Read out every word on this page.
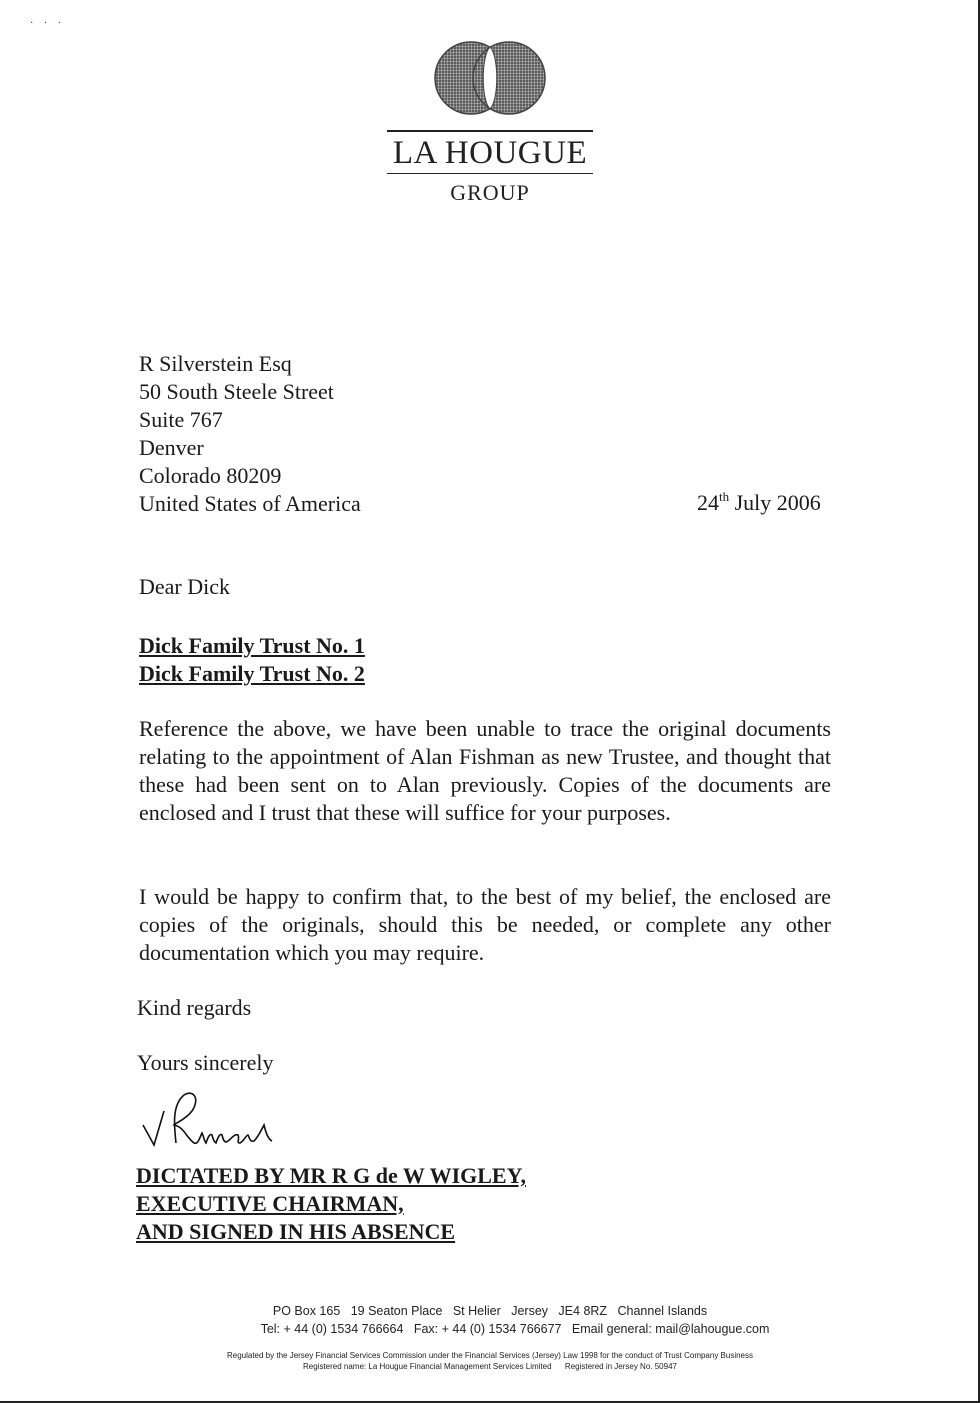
· · ·
LA HOUGUE
GROUP
R Silverstein Esq
50 South Steele Street
Suite 767
Denver
Colorado 80209
United States of America	24th July 2006
Dear Dick
Dick Family Trust No. 1
Dick Family Trust No. 2
Reference the above, we have been unable to trace the original documents relating to the appointment of Alan Fishman as new Trustee, and thought that these had been sent on to Alan previously. Copies of the documents are enclosed and I trust that these will suffice for your purposes.
I would be happy to confirm that, to the best of my belief, the enclosed are copies of the originals, should this be needed, or complete any other documentation which you may require.
Kind regards
Yours sincerely
DICTATED BY MR R G de W WIGLEY,
EXECUTIVE CHAIRMAN,
AND SIGNED IN HIS ABSENCE
PO Box 165   19 Seaton Place   St Helier   Jersey   JE4 8RZ   Channel Islands
Tel: + 44 (0) 1534 766664   Fax: + 44 (0) 1534 766677   Email general: mail@lahougue.com
Regulated by the Jersey Financial Services Commission under the Financial Services (Jersey) Law 1998 for the conduct of Trust Company Business
Registered name: La Hougue Financial Management Services Limited      Registered in Jersey No. 50947
